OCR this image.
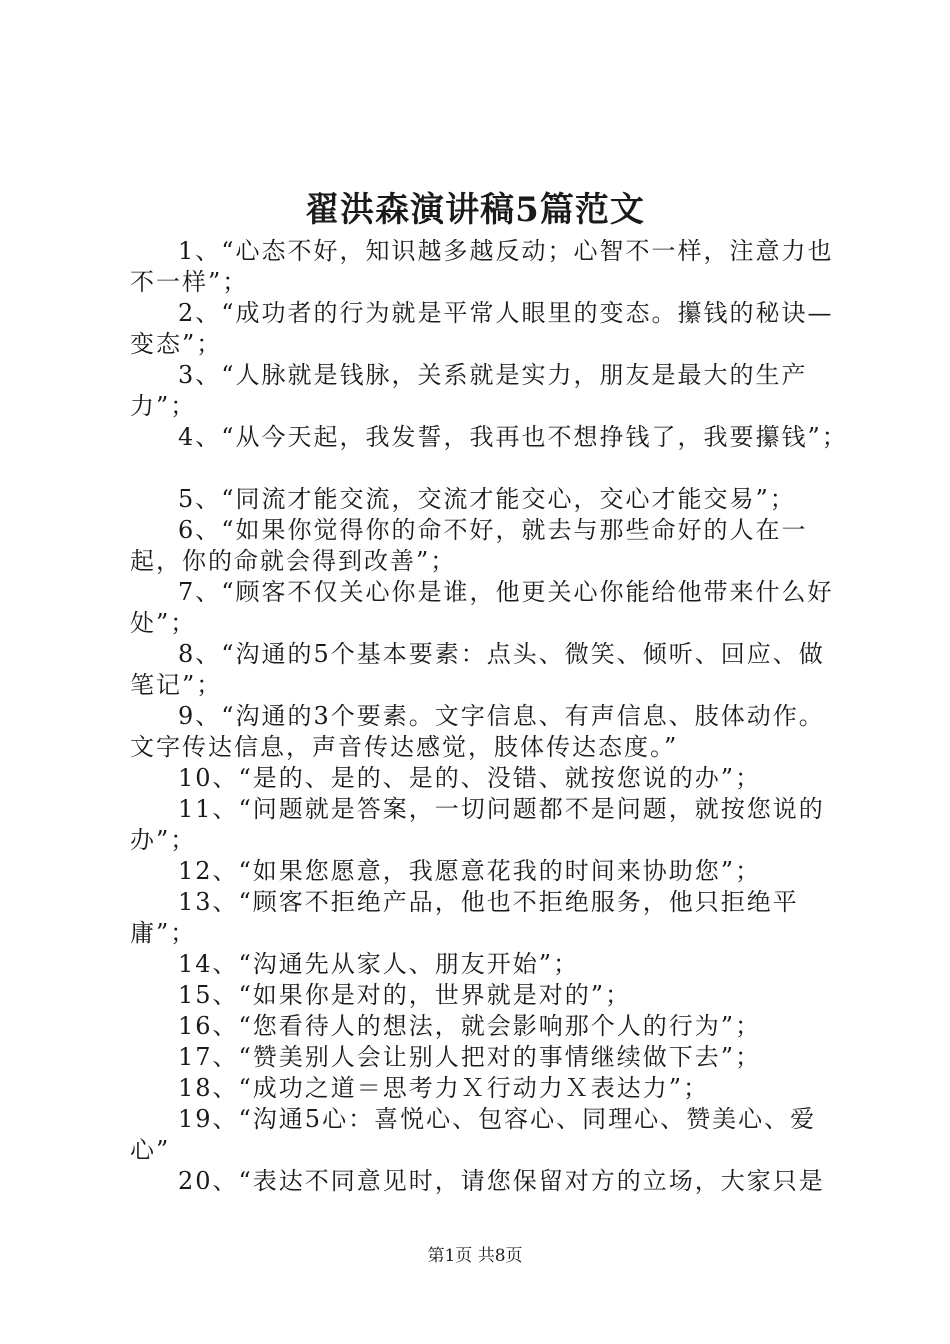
翟洪森演讲稿5篇范文

1、“心态不好，知识越多越反动；心智不一样，注意力也不一样”；

2、“成功者的行为就是平常人眼里的变态。攥钱的秘诀—变态”；

3、“人脉就是钱脉，关系就是实力，朋友是最大的生产力”；

4、“从今天起，我发誓，我再也不想挣钱了，我要攥钱”；

5、“同流才能交流，交流才能交心，交心才能交易”；

6、“如果你觉得你的命不好，就去与那些命好的人在一起，你的命就会得到改善”；

7、“顾客不仅关心你是谁，他更关心你能给他带来什么好处”；

8、“沟通的5个基本要素：点头、微笑、倾听、回应、做笔记”；

9、“沟通的3个要素。文字信息、有声信息、肢体动作。文字传达信息，声音传达感觉，肢体传达态度。”

10、“是的、是的、是的、没错、就按您说的办”；

11、“问题就是答案，一切问题都不是问题，就按您说的办”；

12、“如果您愿意，我愿意花我的时间来协助您”；

13、“顾客不拒绝产品，他也不拒绝服务，他只拒绝平庸”；

14、“沟通先从家人、朋友开始”；

15、“如果你是对的，世界就是对的”；

16、“您看待人的想法，就会影响那个人的行为”；

17、“赞美别人会让别人把对的事情继续做下去”；

18、“成功之道＝思考力Ｘ行动力Ｘ表达力”；

19、“沟通5心：喜悦心、包容心、同理心、赞美心、爱心”

20、“表达不同意见时，请您保留对方的立场，大家只是

第1页 共8页
